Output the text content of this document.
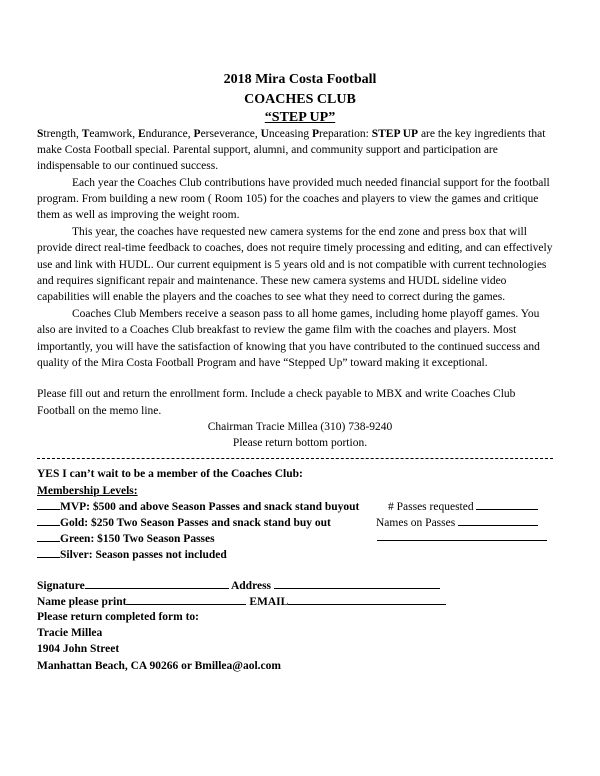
2018 Mira Costa Football

COACHES CLUB

“STEP UP”

Strength, Teamwork, Endurance, Perseverance, Unceasing Preparation: STEP UP are the key ingredients that

make Costa Football special. Parental support, alumni, and community support and participation are

indispensable to our continued success.

Each year the Coaches Club contributions have provided much needed financial support for the football

program. From building a new room ( Room 105) for the coaches and players to view the games and critique

them as well as improving the weight room.

This year, the coaches have requested new camera systems for the end zone and press box that will

provide direct real-time feedback to coaches, does not require timely processing and editing, and can effectively

use and link with HUDL. Our current equipment is 5 years old and is not compatible with current technologies

and requires significant repair and maintenance. These new camera systems and HUDL sideline video

capabilities will enable the players and the coaches to see what they need to correct during the games.

Coaches Club Members receive a season pass to all home games, including home playoff games. You

also are invited to a Coaches Club breakfast to review the game film with the coaches and players. Most

importantly, you will have the satisfaction of knowing that you have contributed to the continued success and

quality of the Mira Costa Football Program and have “Stepped Up” toward making it exceptional.

Please fill out and return the enrollment form. Include a check payable to MBX and write Coaches Club

Football on the memo line.

Chairman Tracie Millea (310) 738-9240

Please return bottom portion.

YES I can’t wait to be a member of the Coaches Club:

Membership Levels:

MVP: $500 and above Season Passes and snack stand buyout # Passes requested

Gold: $250 Two Season Passes and snack stand buy out	Names on Passes

Green: $150 Two Season Passes

Silver: Season passes not included

Signature	Address

Name please print	EMAIL

Please return completed form to:

Tracie Millea

1904 John Street

Manhattan Beach, CA 90266 or Bmillea@aol.com
